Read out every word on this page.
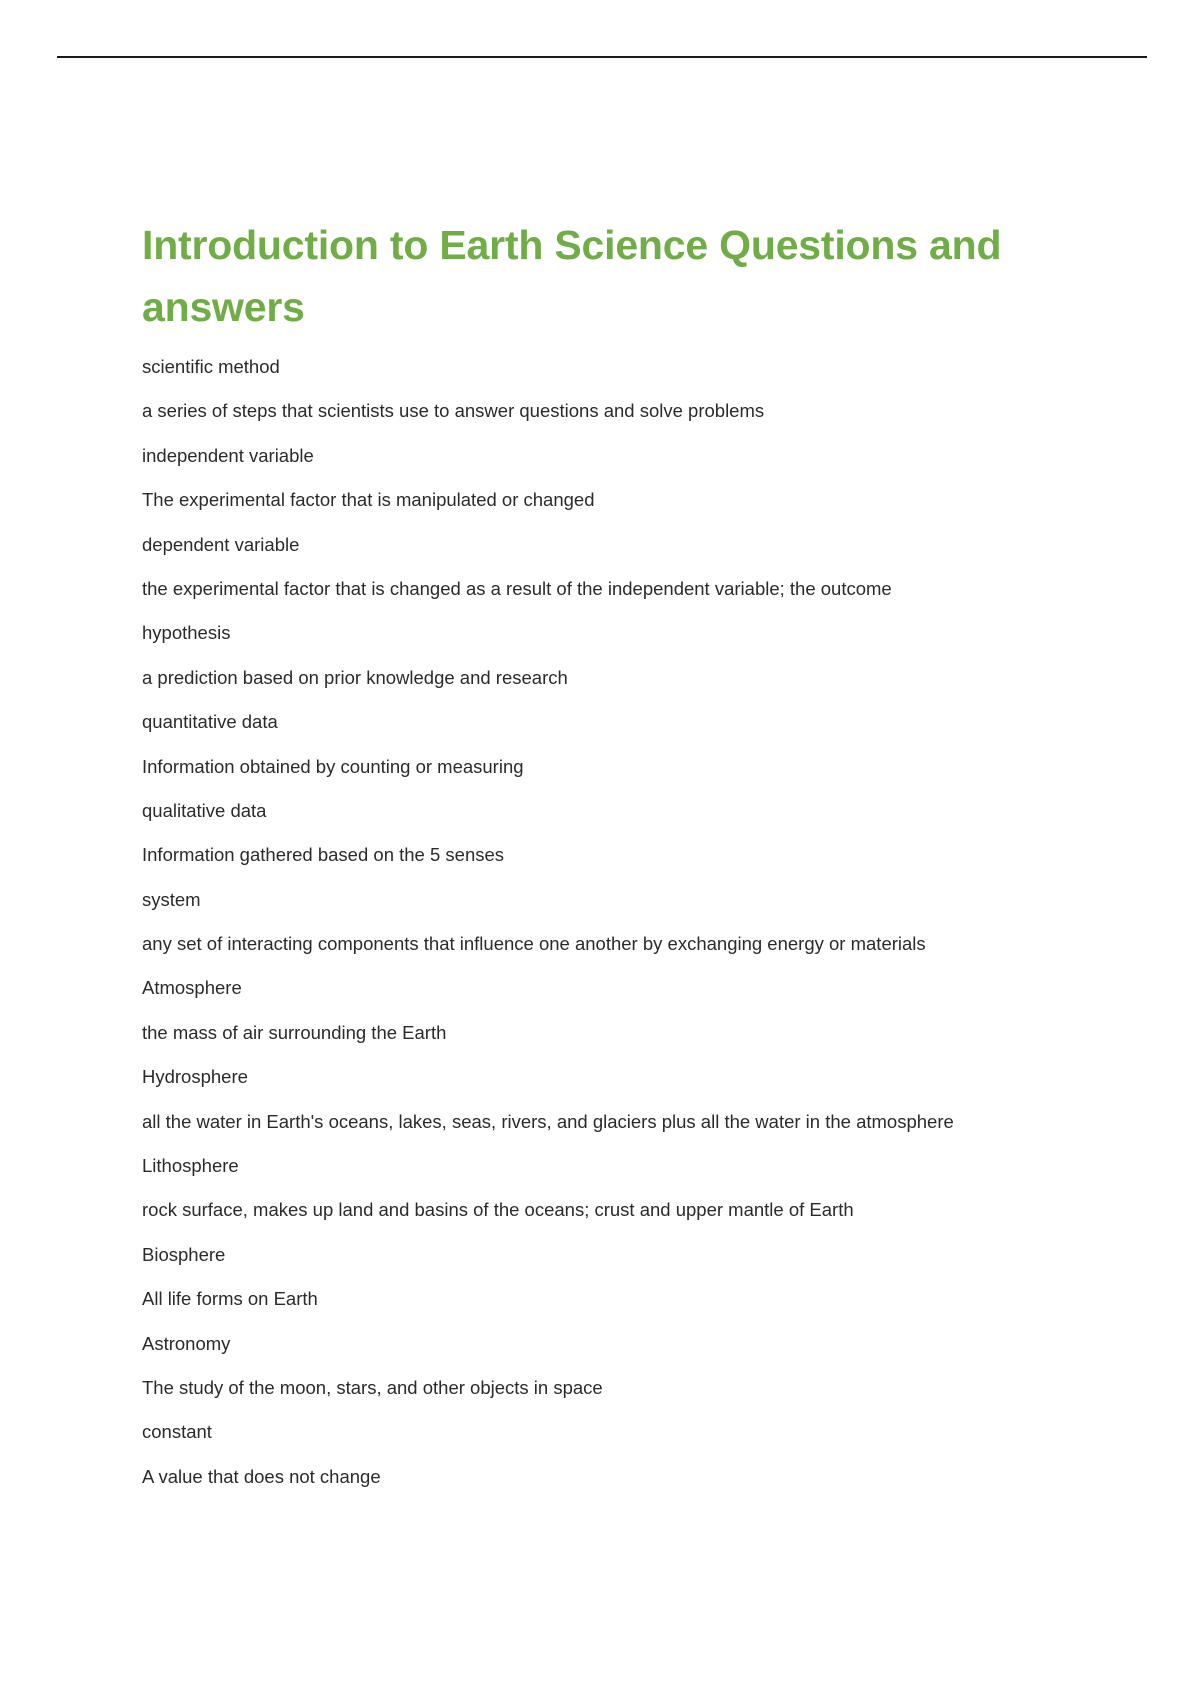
Introduction to Earth Science Questions and answers
scientific method
a series of steps that scientists use to answer questions and solve problems
independent variable
The experimental factor that is manipulated or changed
dependent variable
the experimental factor that is changed as a result of the independent variable; the outcome
hypothesis
a prediction based on prior knowledge and research
quantitative data
Information obtained by counting or measuring
qualitative data
Information gathered based on the 5 senses
system
any set of interacting components that influence one another by exchanging energy or materials
Atmosphere
the mass of air surrounding the Earth
Hydrosphere
all the water in Earth's oceans, lakes, seas, rivers, and glaciers plus all the water in the atmosphere
Lithosphere
rock surface, makes up land and basins of the oceans; crust and upper mantle of Earth
Biosphere
All life forms on Earth
Astronomy
The study of the moon, stars, and other objects in space
constant
A value that does not change
